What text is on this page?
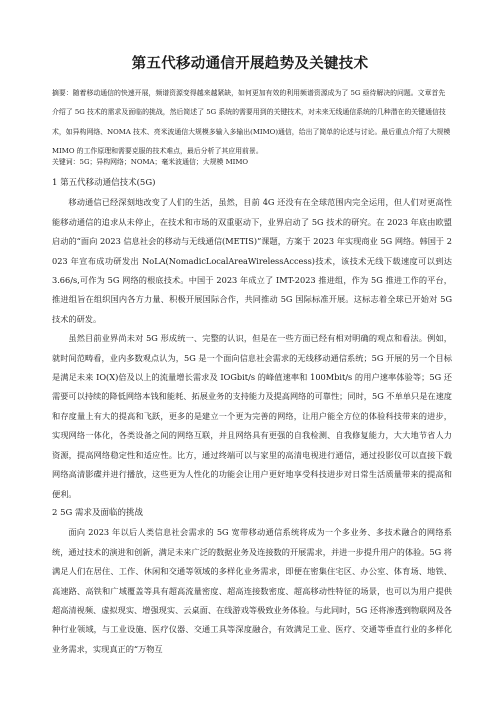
第五代移动通信开展趋势及关键技术

摘要：随着移动通信的快速开展，频谱资源变得越来越紧缺，如何更加有效的利用频谱资源成为了 5G 亟待解决的问题。文章首先介绍了 5G 技术的需求及面临的挑战，然后简述了 5G 系统的需要用到的关键技术，对未来无线通信系统的几种潜在的关键通信技术，如异构网络、NOMA 技术、亮米波通信大规模多输入多输出(MIMO)通信，给出了简单的论述与讨论。最后重点介绍了大规模 MIMO 的工作原理和需要克服的技术难点，最后分析了其应用前景。

关键词：5G；异构网络；NOMA；毫米波通信；大规模 MIMO

1 第五代移动通信技术(5G)

移动通信已经深刻地改变了人们的生活，虽然，目前 4G 还没有在全球范围内完全运用，但人们对更高性能移动通信的追求从未停止，在技术和市场的双重驱动下，业界启动了 5G 技术的研究。在 2023 年底由欧盟启动的“面向 2023 信息社会的移动与无线通信(METIS)”课题，方案于 2023 年实现商业 5G 网络。韩国于 2023 年宣布成功研发出 NoLA(NomadicLocalAreaWirelessAccess)技术，该技术无线下载速度可以到达 3.66/s,可作为 5G 网络的根底技术。中国于 2023 年成立了 IMT-2023 推进组，作为 5G 推进工作的平台，推进组旨在组织国内各方力量、积极开展国际合作，共同推动 5G 国际标准开展。这标志着全球已开始对 5G 技术的研发。

虽然目前业界尚未对 5G 形成统一、完整的认识，但是在一些方面已经有相对明确的观点和看法。例如，就时间范畴看，业内多数观点认为，5G 是一个面向信息社会需求的无线移动通信系统；5G 开展的另一个目标是满足未来 IO(X)倍及以上的流量增长需求及 IOGbit/s 的峰值速率和 100Mbit/s 的用户速率体验等；5G 还需要可以持续的降低网络本钱和能耗、拓展业务的支持能力及提高网络的可靠性；同时，5G 不单单只是在速度和存度量上有大的提高和飞跃，更多的是建立一个更为完善的网络，让用户能全方位的体验科技带来的进步，实现网络一体化，各类设备之间的网络互联，并且网络具有更强的自我检测、自我修复能力，大大地节省人力资源，提高网络稳定性和适应性。比方，通过终端可以与家里的高清电视进行通信，通过投影仪可以直接下载网络高清影碟并进行播放，这些更为人性化的功能会让用户更好地享受科技进步对日常生活质量带来的提高和便利。

2 5G 需求及面临的挑战

面向 2023 年以后人类信息社会需求的 5G 宽带移动通信系统将成为一个多业务、多技术融合的网络系统，通过技术的演进和创新，满足未来广泛的数据业务及连接数的开展需求，并进一步提升用户的体验。5G 将满足人们在居住、工作、休闲和交通等领域的多样化业务需求，即便在密集住宅区、办公室、体育场、地铁、高速路、高铁和广域覆盖等具有超高流量密度、超高连接数密度、超高移动性特征的场景，也可以为用户提供超高清视频、虚拟现实、增强现实、云桌面、在线游戏等极致业务体验。与此同时，5G 还将渗透到物联网及各种行业领域，与工业设施、医疗仪器、交通工具等深度融合，有效满足工业、医疗、交通等垂直行业的多样化业务需求，实现真正的“万物互
